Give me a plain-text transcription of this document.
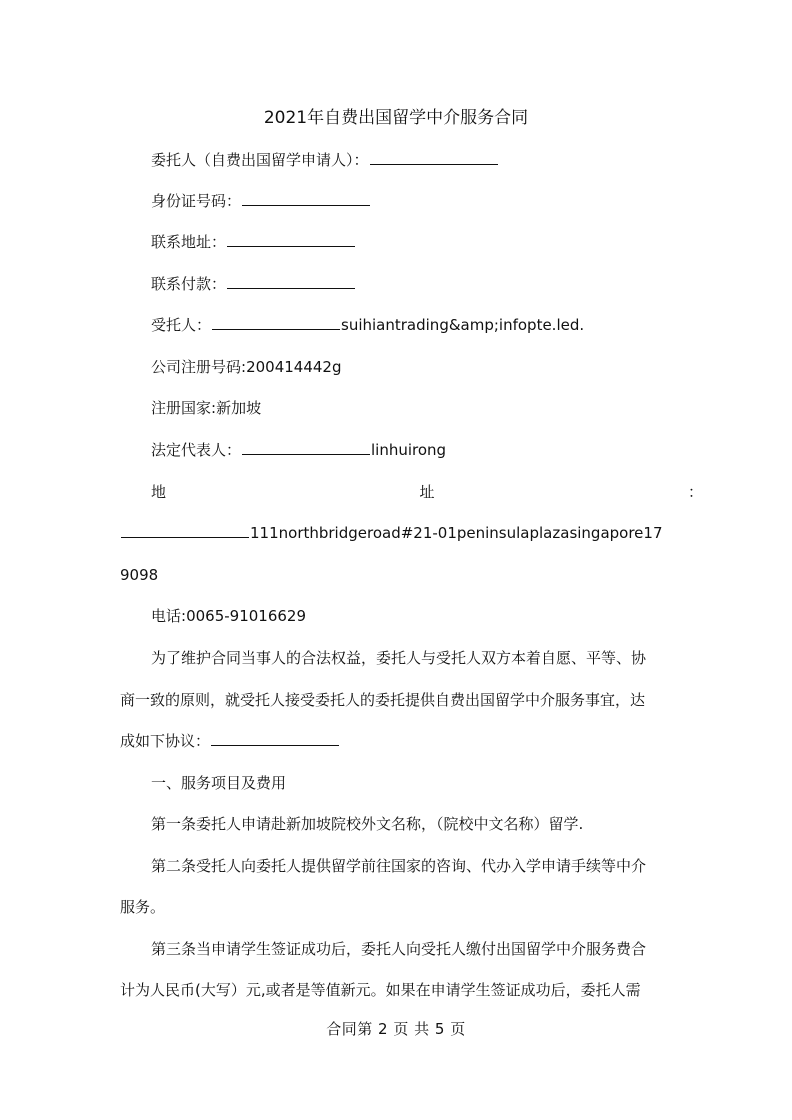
2021年自费出国留学中介服务合同
委托人（自费出国留学申请人）：
身份证号码：
联系地址：
联系付款：
受托人：	suihiantrading&amp;infopte.led.
公司注册号码:200414442g
注册国家:新加坡
法定代表人：	linhuirong
地	址	：
111northbridgeroad#21-01peninsulaplazasingapore17
9098
电话:0065-91016629
为了维护合同当事人的合法权益，委托人与受托人双方本着自愿、平等、协
商一致的原则，就受托人接受委托人的委托提供自费出国留学中介服务事宜，达
成如下协议：
一、服务项目及费用
第一条委托人申请赴新加坡院校外文名称，（院校中文名称）留学.
第二条受托人向委托人提供留学前往国家的咨询、代办入学申请手续等中介
服务。
第三条当申请学生签证成功后，委托人向受托人缴付出国留学中介服务费合
计为人民币(大写）元,或者是等值新元。如果在申请学生签证成功后，委托人需
合同第 2 页 共 5 页
